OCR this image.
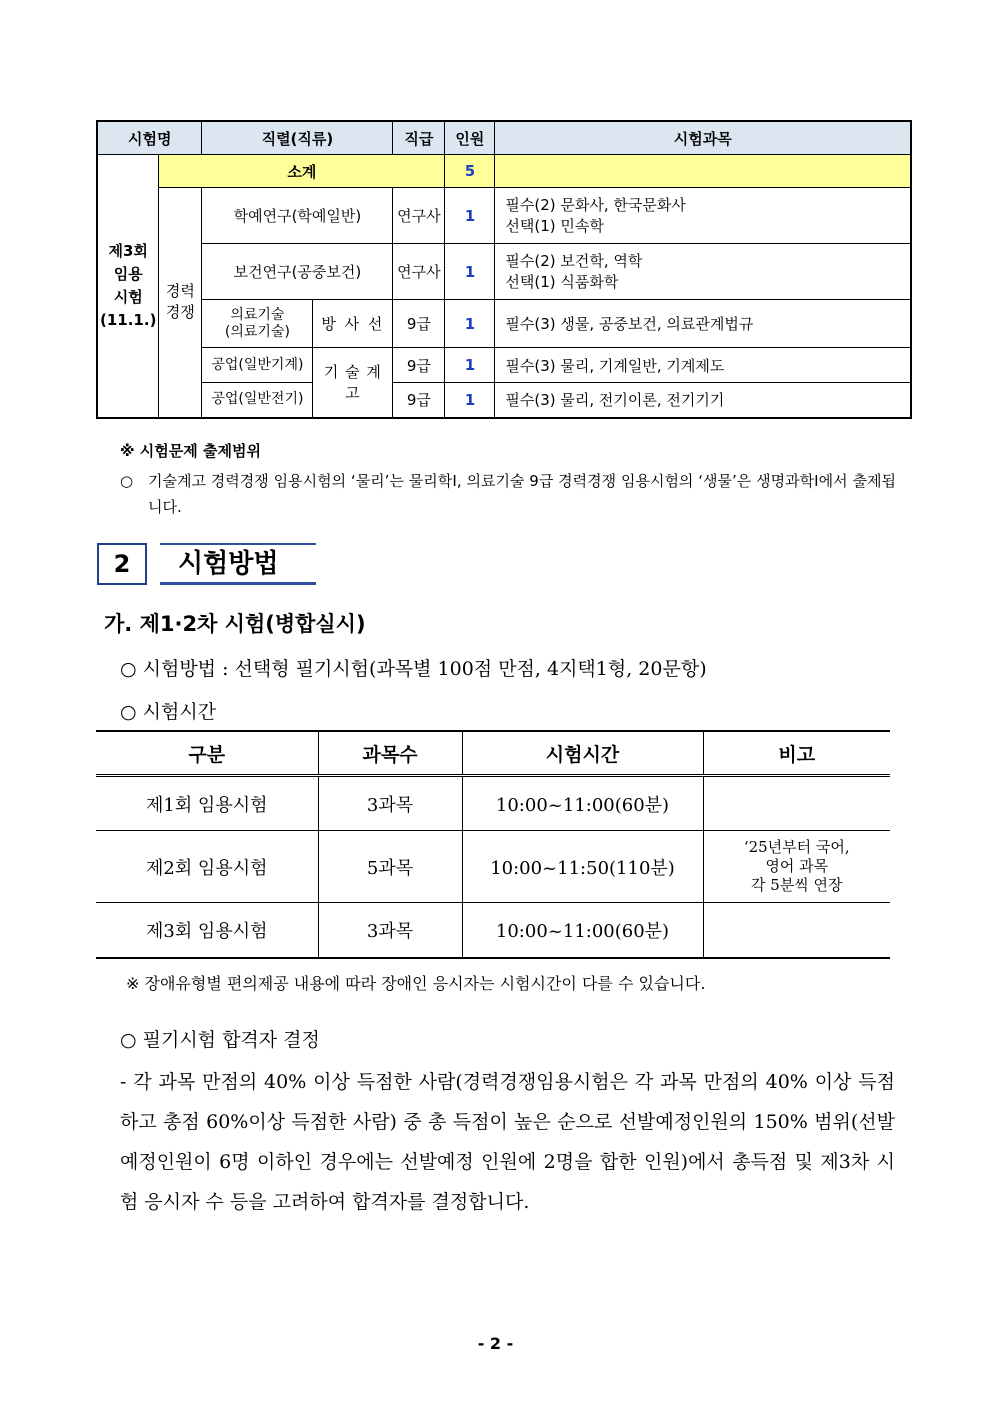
시험명		직렬(직류)		직급	인원	시험과목
제3회
임용
시험
(11.1.)	소계				5	
	경력
경쟁	학예연구(학예일반)		연구사	1	필수(2) 문화사, 한국문화사
선택(1) 민속학
		보건연구(공중보건)		연구사	1	필수(2) 보건학, 역학
선택(1) 식품화학
		의료기술
(의료기술)	방 사 선	9급	1	필수(3) 생물, 공중보건, 의료관계법규
		공업(일반기계)	기 술 계 고	9급	1	필수(3) 물리, 기계일반, 기계제도
		공업(일반전기)		9급	1	필수(3) 물리, 전기이론, 전기기기
※ 시험문제 출제범위
○ 기술계고 경력경쟁 임용시험의 ‘물리’는 물리학Ⅰ, 의료기술 9급 경력경쟁 임용시험의 ‘생물’은 생명과학Ⅰ에서 출제됩니다.
2	시험방법
가. 제1·2차 시험(병합실시)
○ 시험방법 : 선택형 필기시험(과목별 100점 만점, 4지택1형, 20문항)
○ 시험시간
구분	과목수	시험시간	비고
제1회 임용시험	3과목	10:00~11:00(60분)	
제2회 임용시험	5과목	10:00~11:50(110분)	‘25년부터 국어,
영어 과목
각 5분씩 연장
제3회 임용시험	3과목	10:00~11:00(60분)	
※ 장애유형별 편의제공 내용에 따라 장애인 응시자는 시험시간이 다를 수 있습니다.
○ 필기시험 합격자 결정
- 각 과목 만점의 40% 이상 득점한 사람(경력경쟁임용시험은 각 과목 만점의 40% 이상 득점하고 총점 60%이상 득점한 사람) 중 총 득점이 높은 순으로 선발예정인원의 150% 범위(선발예정인원이 6명 이하인 경우에는 선발예정 인원에 2명을 합한 인원)에서 총득점 및 제3차 시험 응시자 수 등을 고려하여 합격자를 결정합니다.
- 2 -
